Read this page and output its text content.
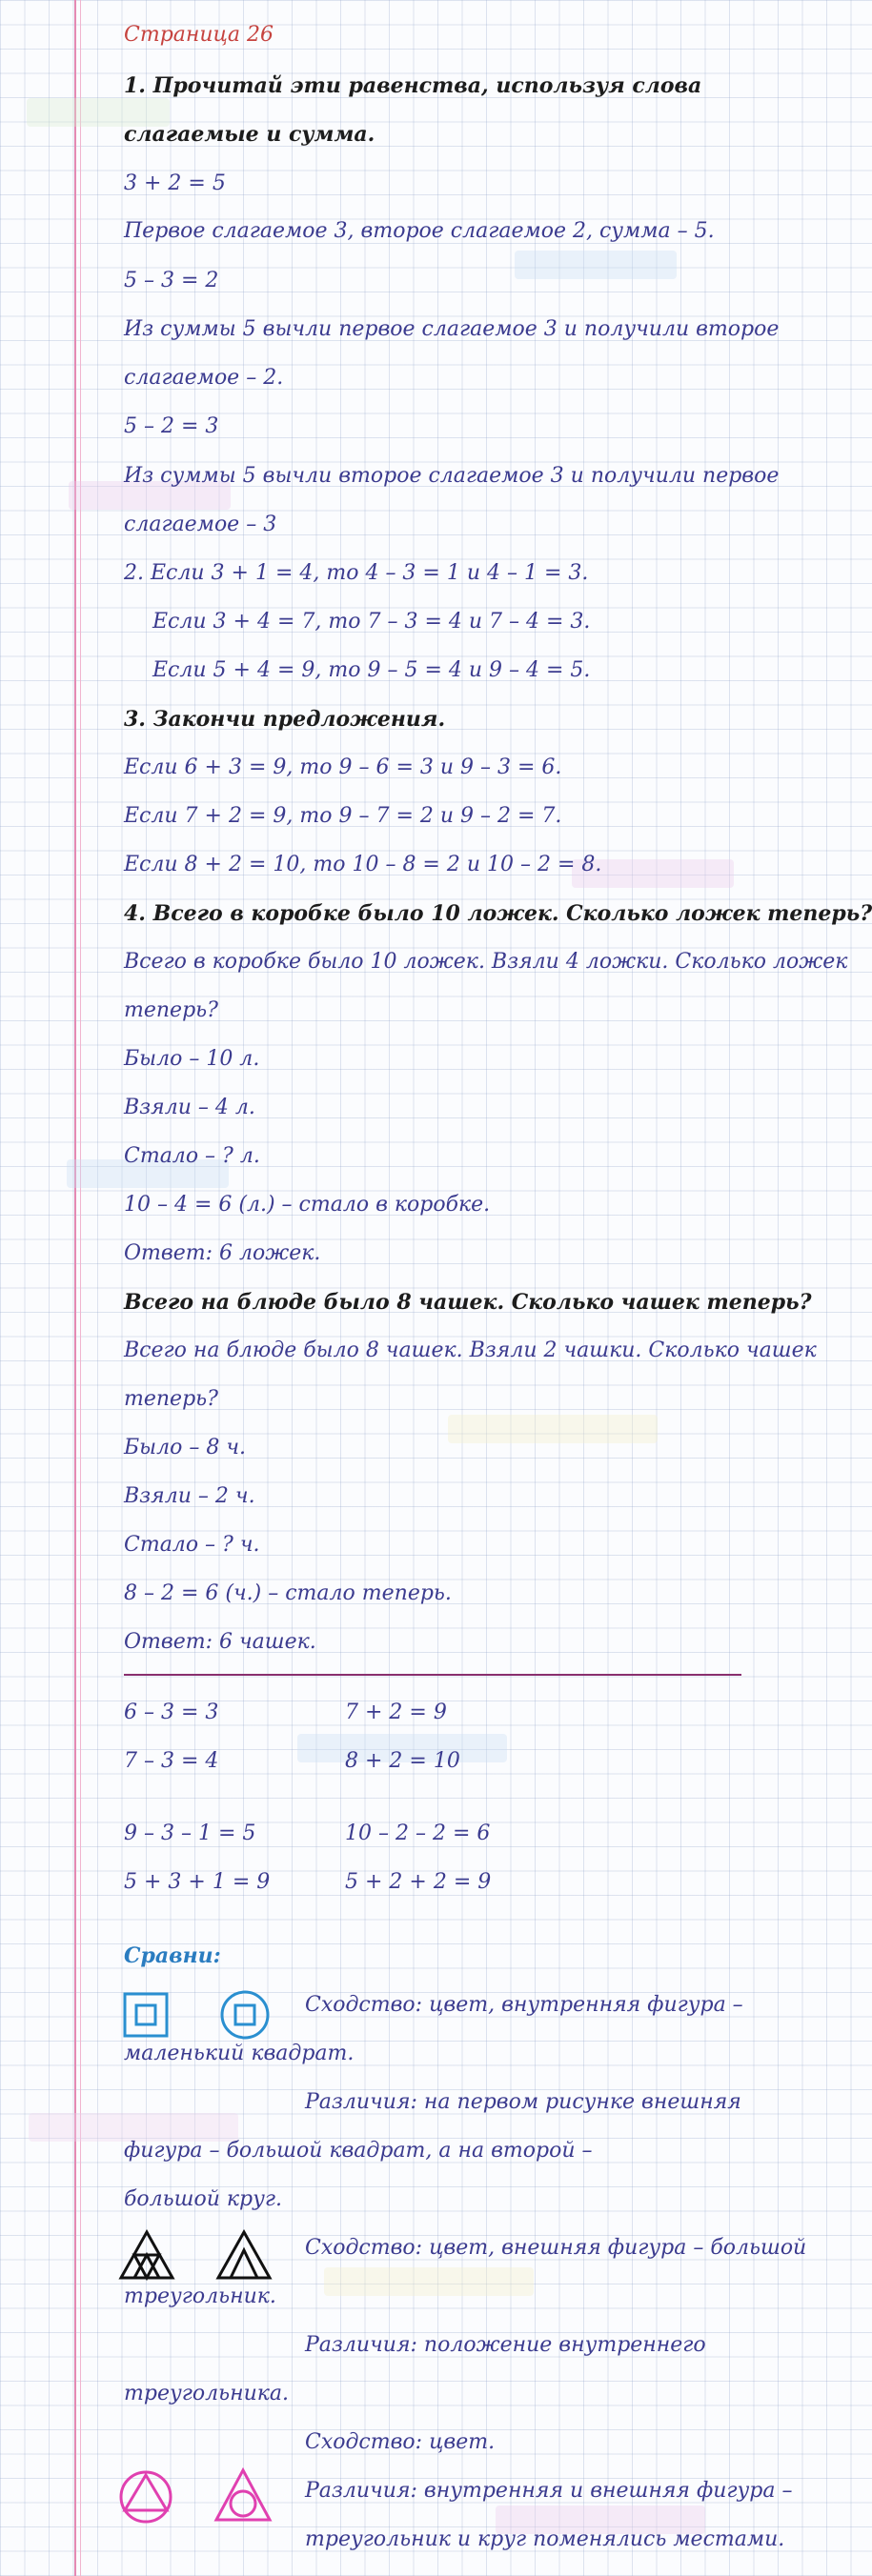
Страница 26
1. Прочитай эти равенства, используя слова
слагаемые и сумма.
3 + 2 = 5
Первое слагаемое 3, второе слагаемое 2, сумма – 5.
5 – 3 = 2
Из суммы 5 вычли первое слагаемое 3 и получили второе
слагаемое – 2.
5 – 2 = 3
Из суммы 5 вычли второе слагаемое 3 и получили первое
слагаемое – 3
2. Если 3 + 1 = 4, то 4 – 3 = 1 и 4 – 1 = 3.
Если 3 + 4 = 7, то 7 – 3 = 4 и 7 – 4 = 3.
Если 5 + 4 = 9, то 9 – 5 = 4 и 9 – 4 = 5.
3. Закончи предложения.
Если 6 + 3 = 9, то 9 – 6 = 3 и 9 – 3 = 6.
Если 7 + 2 = 9, то 9 – 7 = 2 и 9 – 2 = 7.
Если 8 + 2 = 10, то 10 – 8 = 2 и 10 – 2 = 8.
4. Всего в коробке было 10 ложек. Сколько ложек теперь?
Всего в коробке было 10 ложек. Взяли 4 ложки. Сколько ложек
теперь?
Было – 10 л.
Взяли – 4 л.
Стало – ? л.
10 – 4 = 6 (л.) – стало в коробке.
Ответ: 6 ложек.
Всего на блюде было 8 чашек. Сколько чашек теперь?
Всего на блюде было 8 чашек. Взяли 2 чашки. Сколько чашек
теперь?
Было – 8 ч.
Взяли – 2 ч.
Стало – ? ч.
8 – 2 = 6 (ч.) – стало теперь.
Ответ: 6 чашек.
6 – 3 = 3	7 + 2 = 9
7 – 3 = 4	8 + 2 = 10
9 – 3 – 1 = 5	10 – 2 – 2 = 6
5 + 3 + 1 = 9	5 + 2 + 2 = 9
Сравни:
Сходство: цвет, внутренняя фигура –
маленький квадрат.
Различия: на первом рисунке внешняя
фигура – большой квадрат, а на второй –
большой круг.
Сходство: цвет, внешняя фигура – большой
треугольник.
Различия: положение внутреннего
треугольника.
Сходство: цвет.
Различия: внутренняя и внешняя фигура –
треугольник и круг поменялись местами.
